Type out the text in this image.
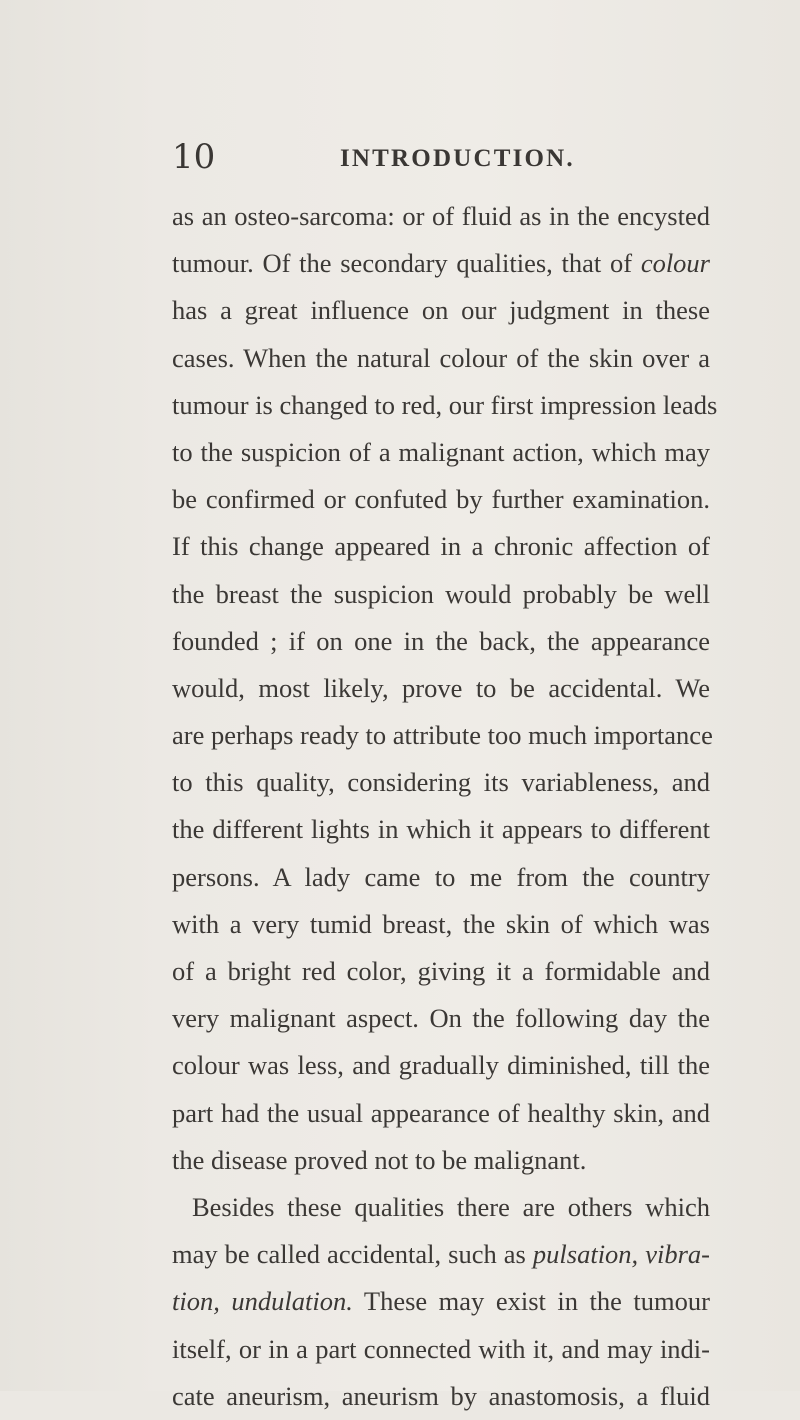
10	INTRODUCTION.
as an osteo-sarcoma: or of fluid as in the encysted
tumour. Of the secondary qualities, that of colour
has a great influence on our judgment in these
cases. When the natural colour of the skin over a
tumour is changed to red, our first impression leads
to the suspicion of a malignant action, which may
be confirmed or confuted by further examination.
If this change appeared in a chronic affection of
the breast the suspicion would probably be well
founded ; if on one in the back, the appearance
would, most likely, prove to be accidental. We
are perhaps ready to attribute too much importance
to this quality, considering its variableness, and
the different lights in which it appears to different
persons. A lady came to me from the country
with a very tumid breast, the skin of which was
of a bright red color, giving it a formidable and
very malignant aspect. On the following day the
colour was less, and gradually diminished, till the
part had the usual appearance of healthy skin, and
the disease proved not to be malignant.
Besides these qualities there are others which
may be called accidental, such as pulsation, vibra-
tion, undulation. These may exist in the tumour
itself, or in a part connected with it, and may indi-
cate aneurism, aneurism by anastomosis, a fluid
